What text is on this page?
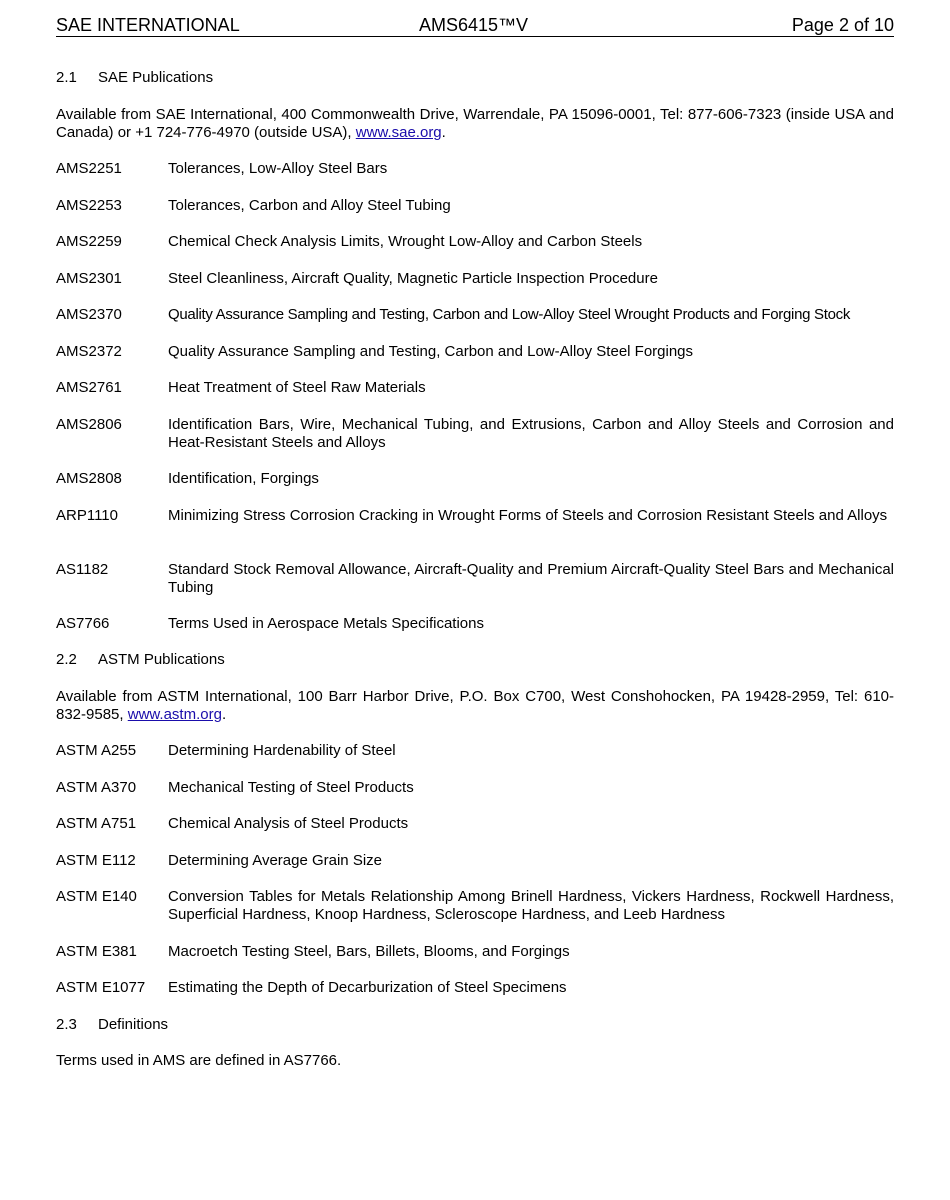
SAE INTERNATIONAL	AMS6415™V	Page 2 of 10
2.1 SAE Publications
Available from SAE International, 400 Commonwealth Drive, Warrendale, PA 15096-0001, Tel: 877-606-7323 (inside USA and Canada) or +1 724-776-4970 (outside USA), www.sae.org.
AMS2251	Tolerances, Low-Alloy Steel Bars
AMS2253	Tolerances, Carbon and Alloy Steel Tubing
AMS2259	Chemical Check Analysis Limits, Wrought Low-Alloy and Carbon Steels
AMS2301	Steel Cleanliness, Aircraft Quality, Magnetic Particle Inspection Procedure
AMS2370	Quality Assurance Sampling and Testing, Carbon and Low-Alloy Steel Wrought Products and Forging Stock
AMS2372	Quality Assurance Sampling and Testing, Carbon and Low-Alloy Steel Forgings
AMS2761	Heat Treatment of Steel Raw Materials
AMS2806	Identification Bars, Wire, Mechanical Tubing, and Extrusions, Carbon and Alloy Steels and Corrosion and Heat-Resistant Steels and Alloys
AMS2808	Identification, Forgings
ARP1110	Minimizing Stress Corrosion Cracking in Wrought Forms of Steels and Corrosion Resistant Steels and Alloys
AS1182	Standard Stock Removal Allowance, Aircraft-Quality and Premium Aircraft-Quality Steel Bars and Mechanical Tubing
AS7766	Terms Used in Aerospace Metals Specifications
2.2 ASTM Publications
Available from ASTM International, 100 Barr Harbor Drive, P.O. Box C700, West Conshohocken, PA 19428-2959, Tel: 610-832-9585, www.astm.org.
ASTM A255 Determining Hardenability of Steel
ASTM A370 Mechanical Testing of Steel Products
ASTM A751 Chemical Analysis of Steel Products
ASTM E112 Determining Average Grain Size
ASTM E140 Conversion Tables for Metals Relationship Among Brinell Hardness, Vickers Hardness, Rockwell Hardness, Superficial Hardness, Knoop Hardness, Scleroscope Hardness, and Leeb Hardness
ASTM E381 Macroetch Testing Steel, Bars, Billets, Blooms, and Forgings
ASTM E1077 Estimating the Depth of Decarburization of Steel Specimens
2.3 Definitions
Terms used in AMS are defined in AS7766.
